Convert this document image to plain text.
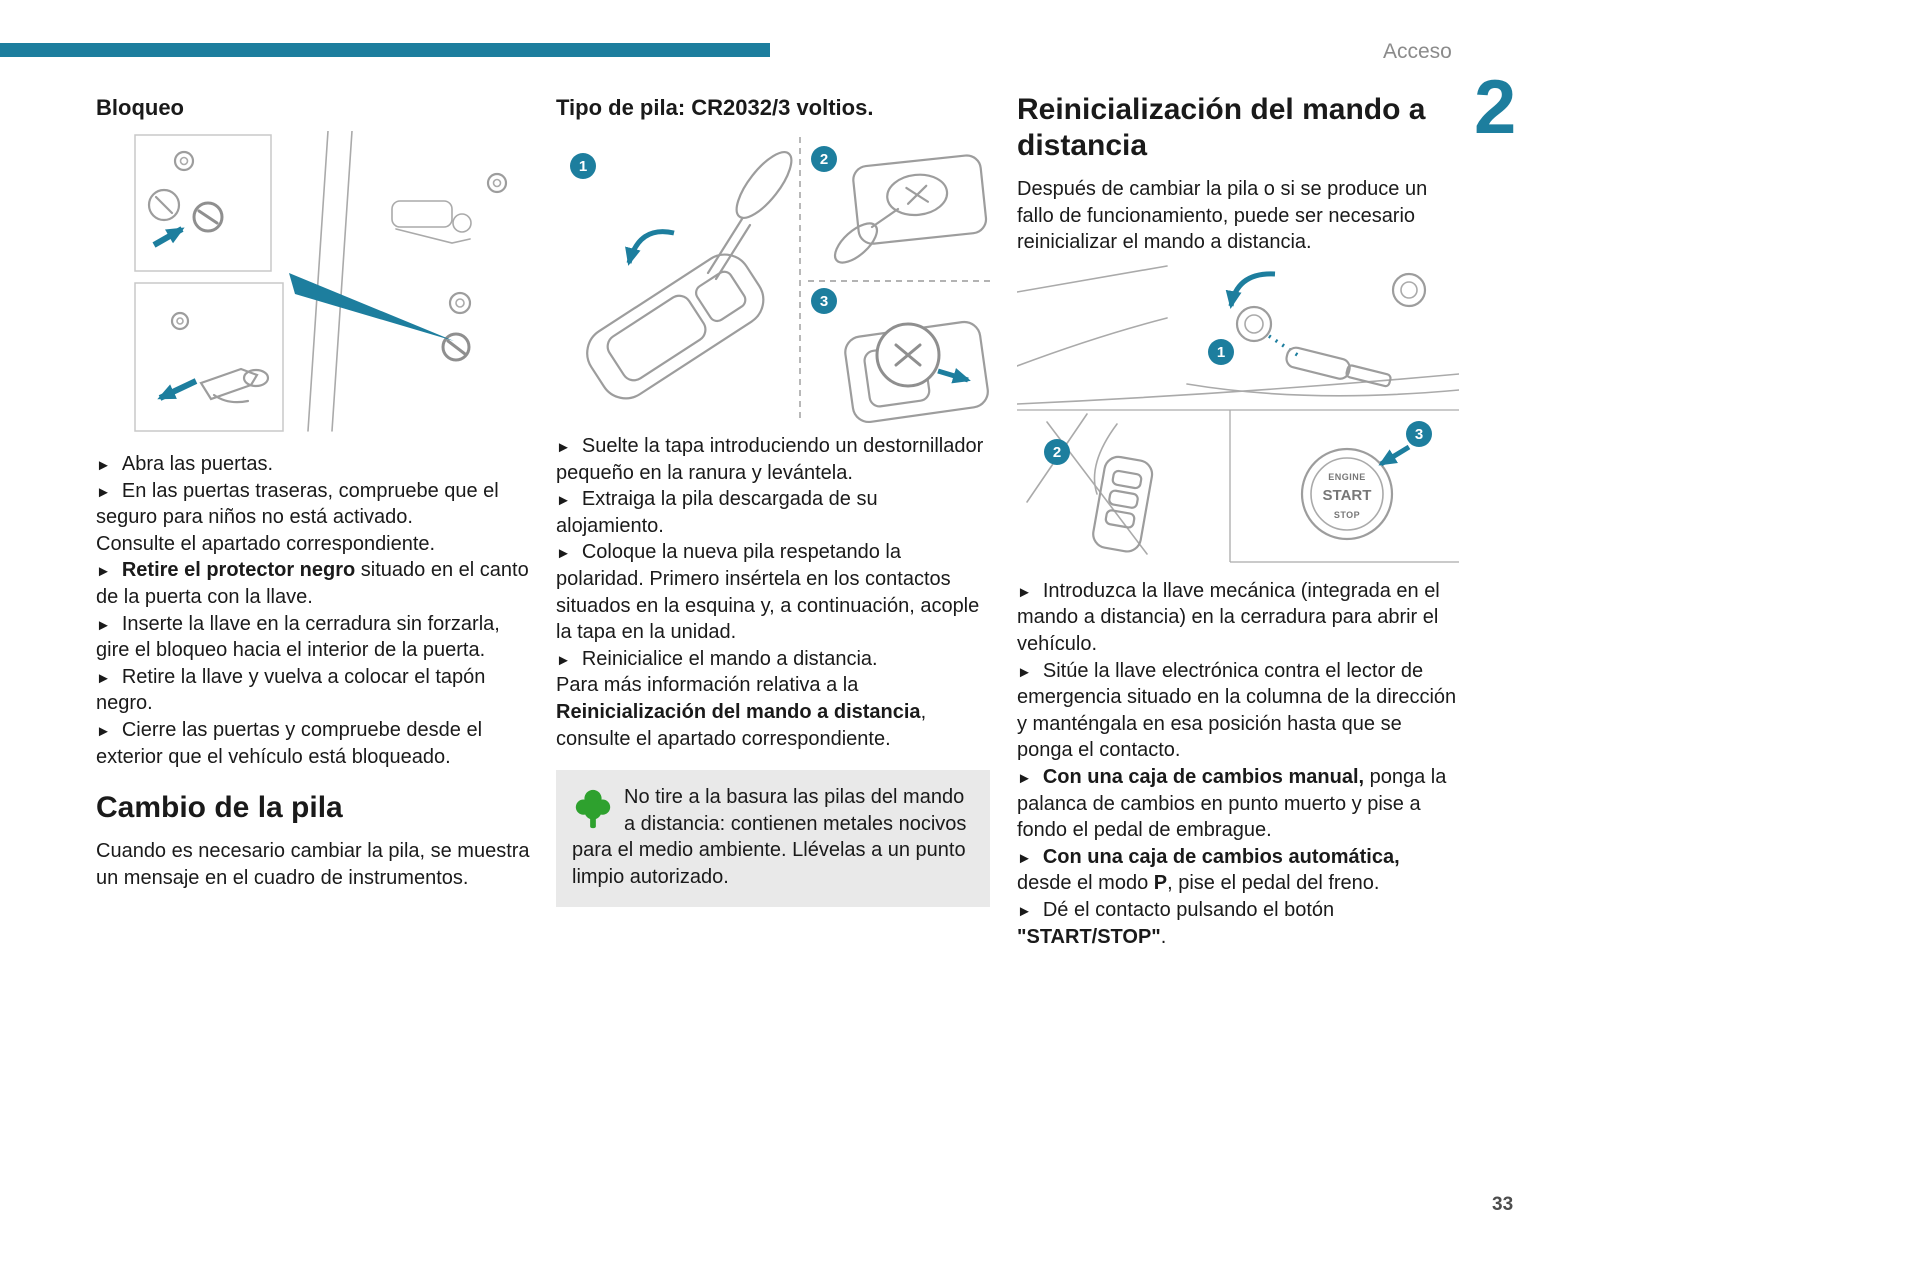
Acceso
2
Bloqueo
► Abra las puertas.
► En las puertas traseras, compruebe que el seguro para niños no está activado.
Consulte el apartado correspondiente.
► Retire el protector negro situado en el canto de la puerta con la llave.
► Inserte la llave en la cerradura sin forzarla, gire el bloqueo hacia el interior de la puerta.
► Retire la llave y vuelva a colocar el tapón negro.
► Cierre las puertas y compruebe desde el exterior que el vehículo está bloqueado.
Cambio de la pila

Cuando es necesario cambiar la pila, se muestra un mensaje en el cuadro de instrumentos.

Tipo de pila: CR2032/3 voltios.
1	2
3
► Suelte la tapa introduciendo un destornillador pequeño en la ranura y levántela.
► Extraiga la pila descargada de su alojamiento.
► Coloque la nueva pila respetando la polaridad. Primero insértela en los contactos situados en la esquina y, a continuación, acople la tapa en la unidad.
► Reinicialice el mando a distancia.
Para más información relativa a la Reinicialización del mando a distancia, consulte el apartado correspondiente.
No tire a la basura las pilas del mando a distancia: contienen metales nocivos para el medio ambiente. Llévelas a un punto limpio autorizado.
Reinicialización del mando a distancia

Después de cambiar la pila o si se produce un fallo de funcionamiento, puede ser necesario reinicializar el mando a distancia.

1
2
ENGINE
START
STOP
3
► Introduzca la llave mecánica (integrada en el mando a distancia) en la cerradura para abrir el vehículo.
► Sitúe la llave electrónica contra el lector de emergencia situado en la columna de la dirección y manténgala en esa posición hasta que se ponga el contacto.
► Con una caja de cambios manual, ponga la palanca de cambios en punto muerto y pise a fondo el pedal de embrague.
► Con una caja de cambios automática, desde el modo P, pise el pedal del freno.
► Dé el contacto pulsando el botón "START/STOP".
33
